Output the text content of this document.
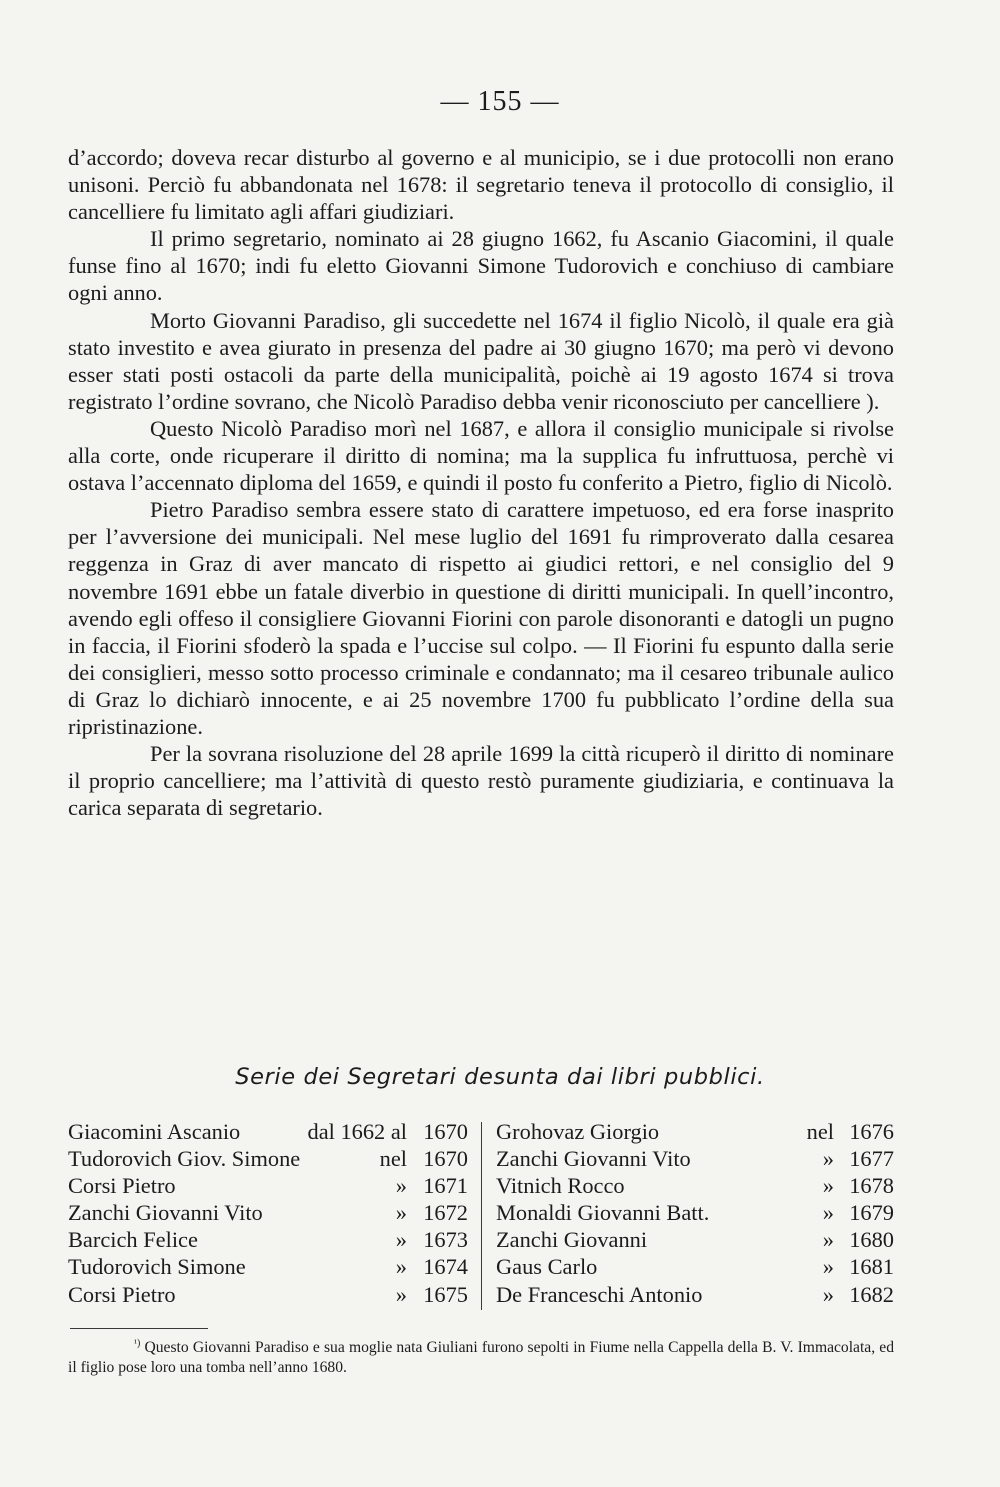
— 155 —

d’accordo; doveva recar disturbo al governo e al municipio, se i due protocolli non erano unisoni. Perciò fu abbandonata nel 1678: il segretario teneva il protocollo di consiglio, il cancelliere fu limitato agli affari giudiziari.

Il primo segretario, nominato ai 28 giugno 1662, fu Ascanio Giacomini, il quale funse fino al 1670; indi fu eletto Giovanni Simone Tudorovich e conchiuso di cambiare ogni anno.

Morto Giovanni Paradiso, gli succedette nel 1674 il figlio Nicolò, il quale era già stato investito e avea giurato in presenza del padre ai 30 giugno 1670; ma però vi devono esser stati posti ostacoli da parte della municipalità, poichè ai 19 agosto 1674 si trova registrato l’ordine sovrano, che Nicolò Paradiso debba venir riconosciuto per cancelliere ).

Questo Nicolò Paradiso morì nel 1687, e allora il consiglio municipale si rivolse alla corte, onde ricuperare il diritto di nomina; ma la supplica fu infruttuosa, perchè vi ostava l’accennato diploma del 1659, e quindi il posto fu conferito a Pietro, figlio di Nicolò.

Pietro Paradiso sembra essere stato di carattere impetuoso, ed era forse inasprito per l’avversione dei municipali. Nel mese luglio del 1691 fu rimproverato dalla cesarea reggenza in Graz di aver mancato di rispetto ai giudici rettori, e nel consiglio del 9 novembre 1691 ebbe un fatale diverbio in questione di diritti municipali. In quell’incontro, avendo egli offeso il consigliere Giovanni Fiorini con parole disonoranti e datogli un pugno in faccia, il Fiorini sfoderò la spada e l’uccise sul colpo. — Il Fiorini fu espunto dalla serie dei consiglieri, messo sotto processo criminale e condannato; ma il cesareo tribunale aulico di Graz lo dichiarò innocente, e ai 25 novembre 1700 fu pubblicato l’ordine della sua ripristinazione.

Per la sovrana risoluzione del 28 aprile 1699 la città ricuperò il diritto di nominare il proprio cancelliere; ma l’attività di questo restò puramente giudiziaria, e continuava la carica separata di segretario.

Serie dei Segretari desunta dai libri pubblici.
Giacomini Ascanio	dal 1662 al 1670
Tudorovich Giov. Simone	nel 1670
Corsi Pietro	» 1671
Zanchi Giovanni Vito	» 1672
Barcich Felice	» 1673
Tudorovich Simone	» 1674
Corsi Pietro	» 1675
Grohovaz Giorgio	nel 1676
Zanchi Giovanni Vito	» 1677
Vitnich Rocco	» 1678
Monaldi Giovanni Batt.	» 1679
Zanchi Giovanni	» 1680
Gaus Carlo	» 1681
De Franceschi Antonio	» 1682

$^{^1)}$ Questo Giovanni Paradiso e sua moglie nata Giuliani furono sepolti in Fiume nella Cappella della B. V. Immacolata, ed il figlio pose loro una tomba nell’anno 1680.
